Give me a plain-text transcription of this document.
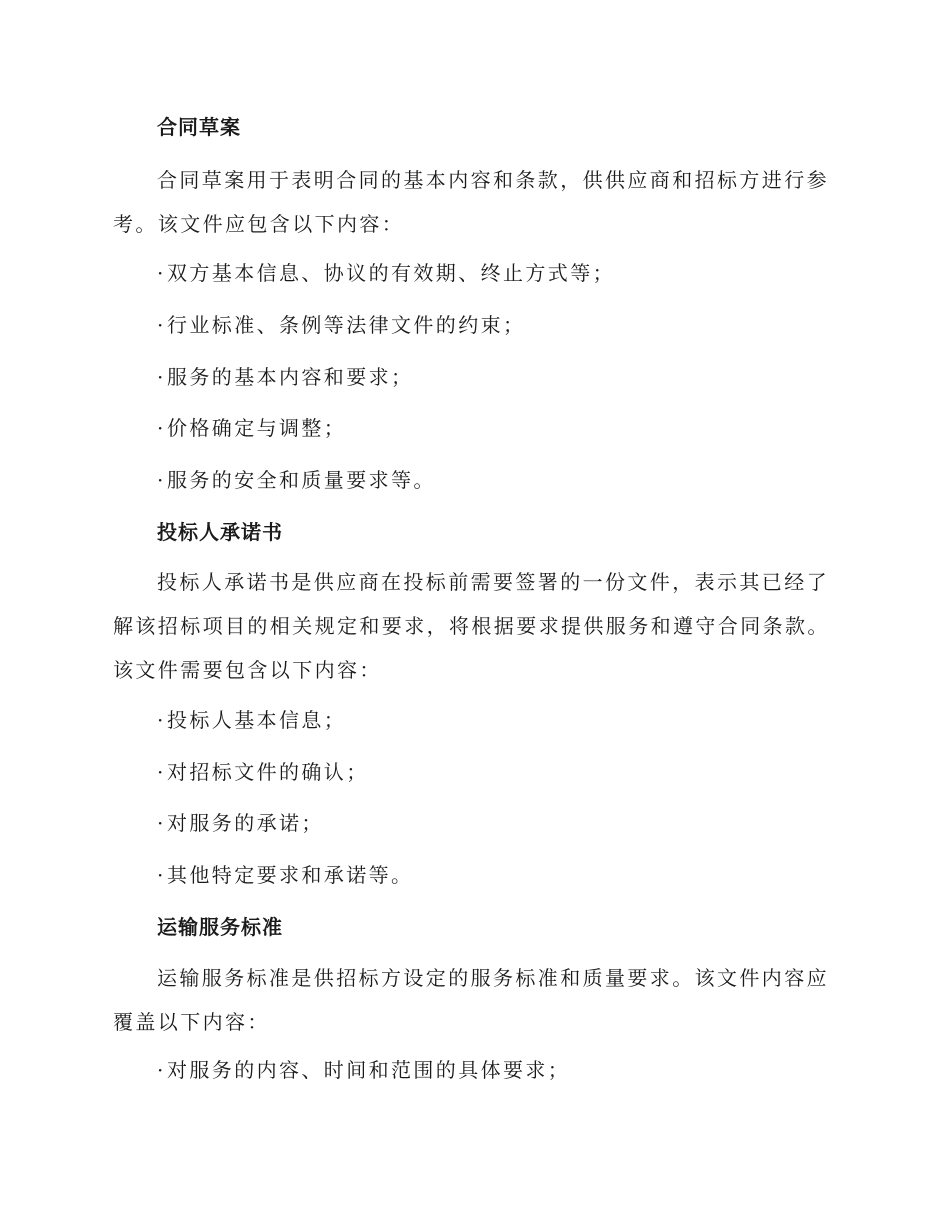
合同草案

合同草案用于表明合同的基本内容和条款，供供应商和招标方进行参考。该文件应包含以下内容：

· 双方基本信息、协议的有效期、终止方式等；
· 行业标准、条例等法律文件的约束；
· 服务的基本内容和要求；
· 价格确定与调整；
· 服务的安全和质量要求等。
投标人承诺书

投标人承诺书是供应商在投标前需要签署的一份文件，表示其已经了解该招标项目的相关规定和要求，将根据要求提供服务和遵守合同条款。该文件需要包含以下内容：

· 投标人基本信息；
· 对招标文件的确认；
· 对服务的承诺；
· 其他特定要求和承诺等。
运输服务标准

运输服务标准是供招标方设定的服务标准和质量要求。该文件内容应覆盖以下内容：

· 对服务的内容、时间和范围的具体要求；
